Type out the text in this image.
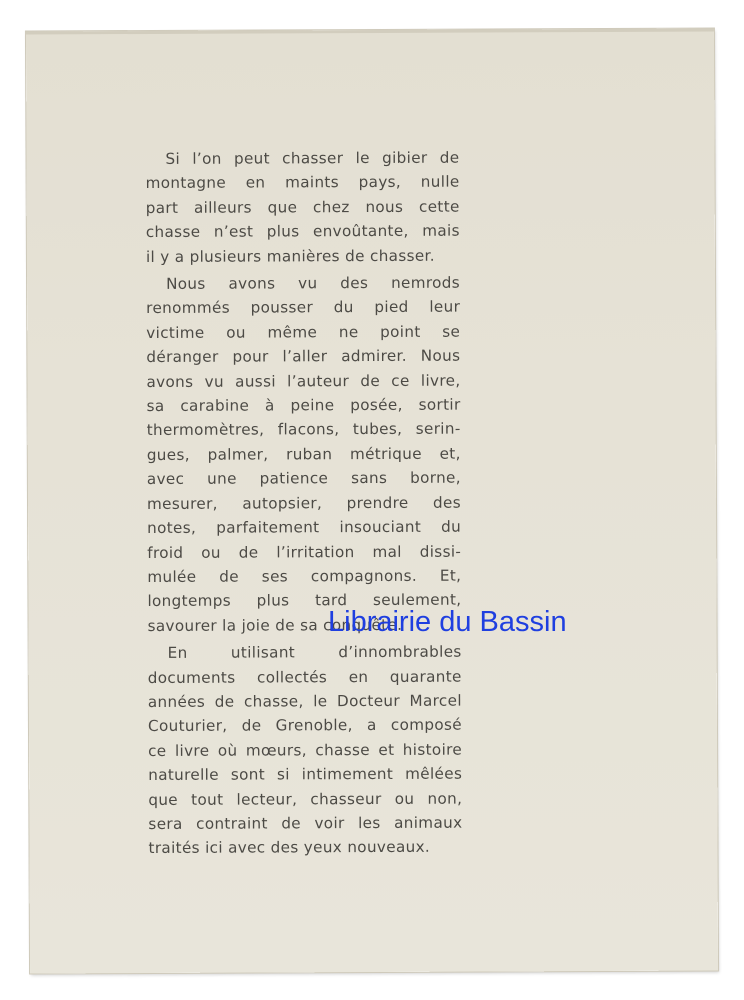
Si l’on peut chasser le gibier de
montagne en maints pays, nulle
part ailleurs que chez nous cette
chasse n’est plus envoûtante, mais
il y a plusieurs manières de chasser.
Nous avons vu des nemrods
renommés pousser du pied leur
victime ou même ne point se
déranger pour l’aller admirer. Nous
avons vu aussi l’auteur de ce livre,
sa carabine à peine posée, sortir
thermomètres, flacons, tubes, serin-
gues, palmer, ruban métrique et,
avec une patience sans borne,
mesurer, autopsier, prendre des
notes, parfaitement insouciant du
froid ou de l’irritation mal dissi-
mulée de ses compagnons. Et,
longtemps plus tard seulement,
savourer la joie de sa conquête.
En	utilisant	d’innombrables
documents collectés en quarante
années de chasse, le Docteur Marcel
Couturier, de Grenoble, a composé
ce livre où mœurs, chasse et histoire
naturelle sont si intimement mêlées
que tout lecteur, chasseur ou non,
sera contraint de voir les animaux
traités ici avec des yeux nouveaux.
Librairie du Bassin
